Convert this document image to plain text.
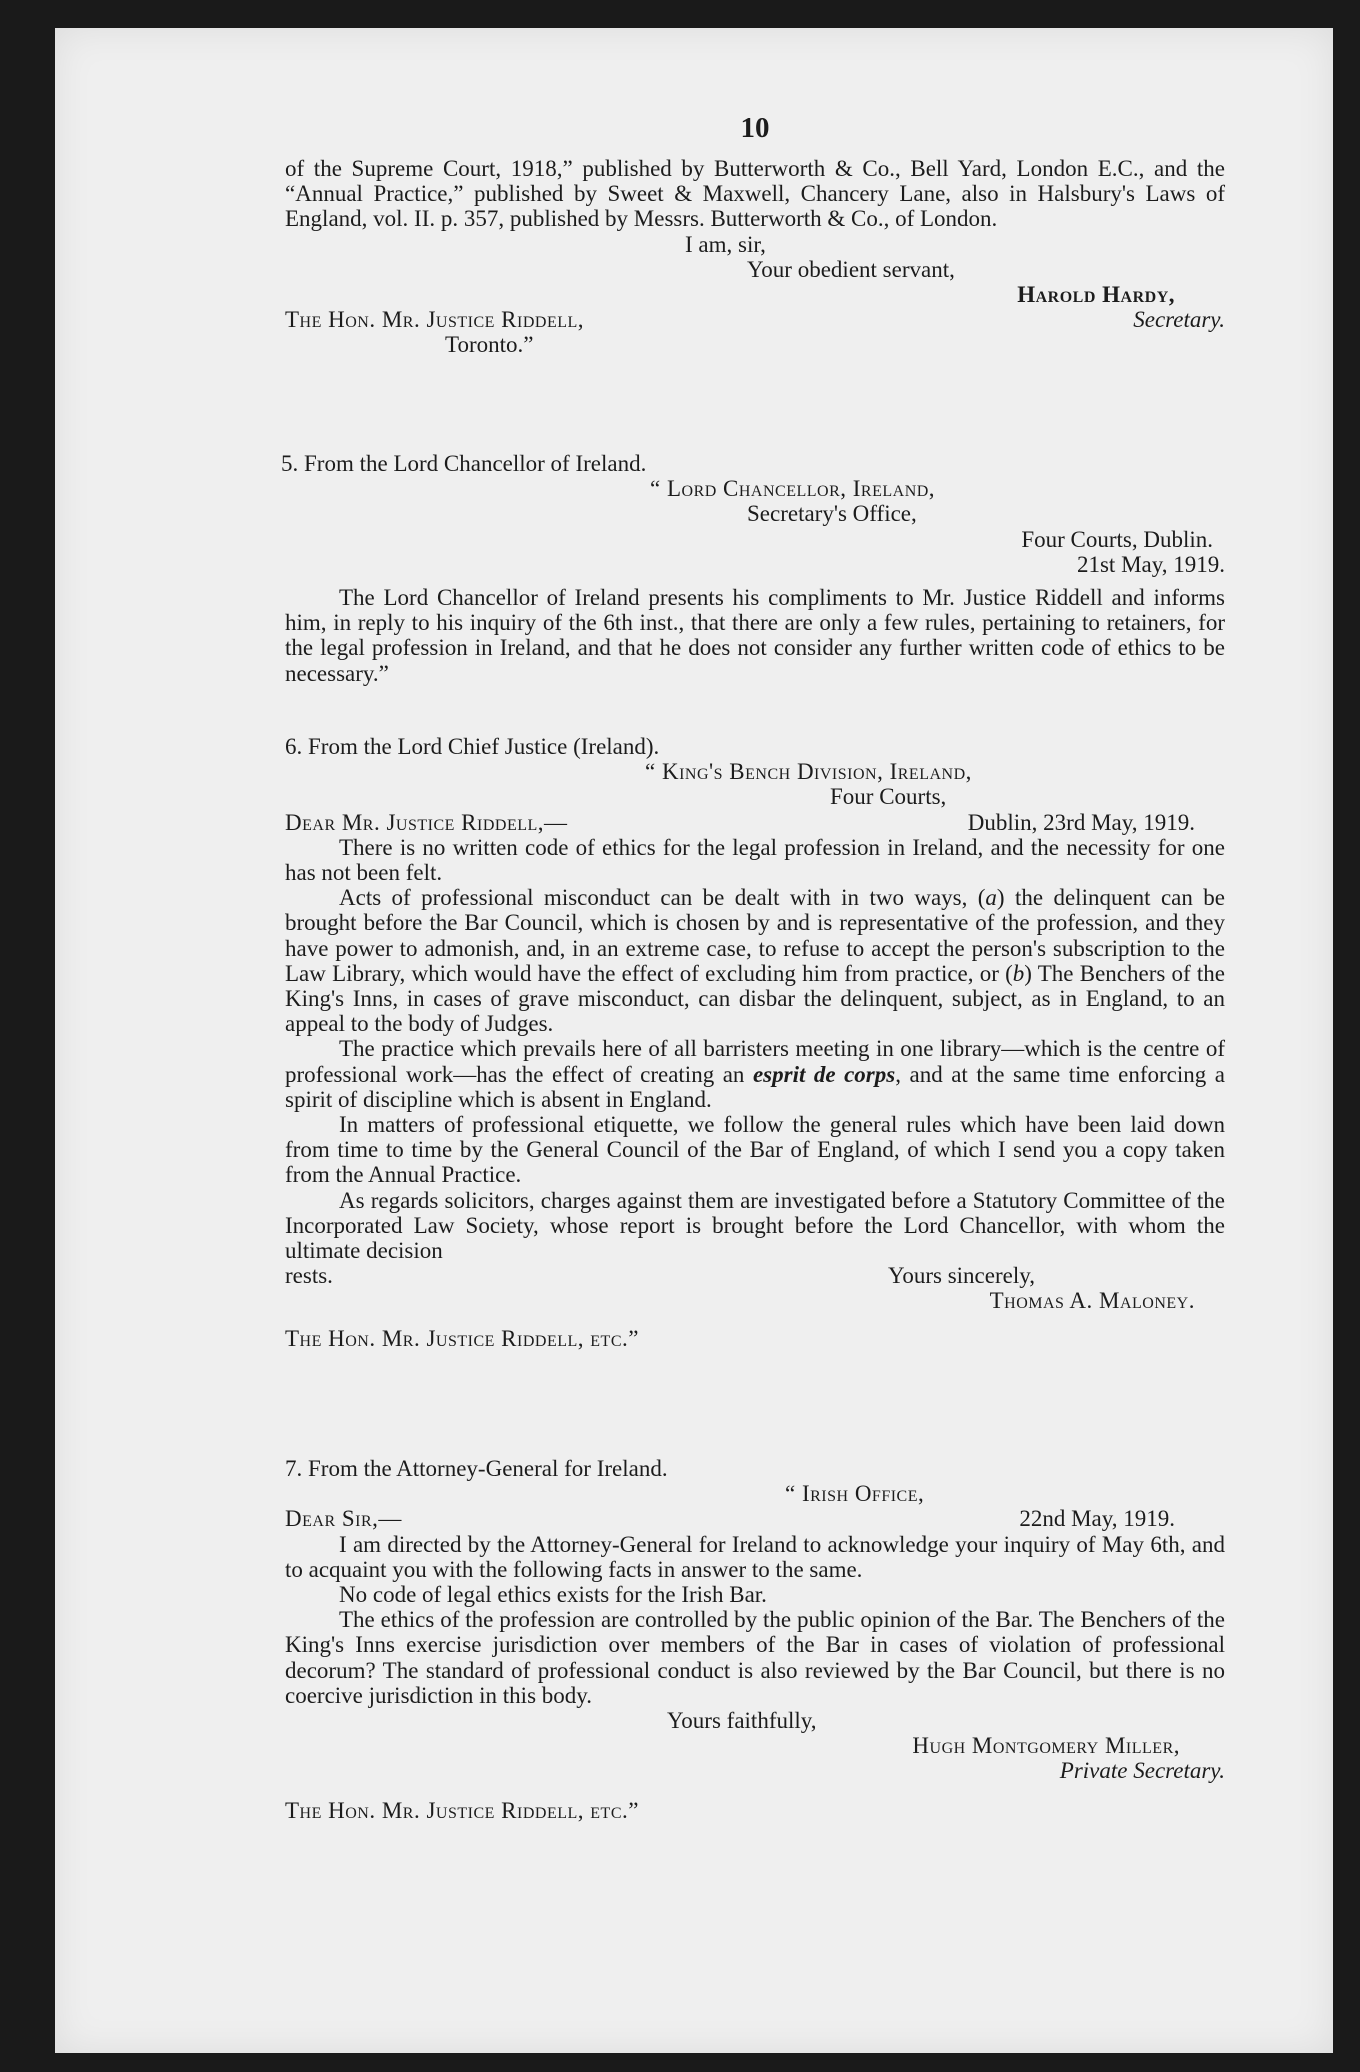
10

of the Supreme Court, 1918,” published by Butterworth & Co., Bell Yard, London E.C., and the “Annual Practice,” published by Sweet & Maxwell, Chancery Lane, also in Halsbury's Laws of England, vol. II. p. 357, published by Messrs. Butterworth & Co., of London.

I am, sir,

Your obedient servant,

Harold Hardy,

The Hon. Mr. Justice Riddell,	Secretary.

Toronto.”

5. From the Lord Chancellor of Ireland.

“ Lord Chancellor, Ireland,

Secretary's Office,

Four Courts, Dublin.

21st May, 1919.

The Lord Chancellor of Ireland presents his compliments to Mr. Justice Riddell and informs him, in reply to his inquiry of the 6th inst., that there are only a few rules, pertaining to retainers, for the legal profession in Ireland, and that he does not consider any further written code of ethics to be necessary.”

6. From the Lord Chief Justice (Ireland).

“ King's Bench Division, Ireland,

Four Courts,

Dear Mr. Justice Riddell,—	Dublin, 23rd May, 1919.

There is no written code of ethics for the legal profession in Ireland, and the necessity for one has not been felt.

Acts of professional misconduct can be dealt with in two ways, (a) the delinquent can be brought before the Bar Council, which is chosen by and is representative of the profession, and they have power to admonish, and, in an extreme case, to refuse to accept the person's subscription to the Law Library, which would have the effect of excluding him from practice, or (b) The Benchers of the King's Inns, in cases of grave misconduct, can disbar the delinquent, subject, as in England, to an appeal to the body of Judges.

The practice which prevails here of all barristers meeting in one library—which is the centre of professional work—has the effect of creating an esprit de corps, and at the same time enforcing a spirit of discipline which is absent in England.

In matters of professional etiquette, we follow the general rules which have been laid down from time to time by the General Council of the Bar of England, of which I send you a copy taken from the Annual Practice.

As regards solicitors, charges against them are investigated before a Statutory Committee of the Incorporated Law Society, whose report is brought before the Lord Chancellor, with whom the ultimate decision

rests.	Yours sincerely,

Thomas A. Maloney.

The Hon. Mr. Justice Riddell, etc.”

7. From the Attorney-General for Ireland.

“ Irish Office,

Dear Sir,—	22nd May, 1919.

I am directed by the Attorney-General for Ireland to acknowledge your inquiry of May 6th, and to acquaint you with the following facts in answer to the same.

No code of legal ethics exists for the Irish Bar.

The ethics of the profession are controlled by the public opinion of the Bar. The Benchers of the King's Inns exercise jurisdiction over members of the Bar in cases of violation of professional decorum? The standard of professional conduct is also reviewed by the Bar Council, but there is no coercive jurisdiction in this body.

Yours faithfully,

Hugh Montgomery Miller,

Private Secretary.

The Hon. Mr. Justice Riddell, etc.”
